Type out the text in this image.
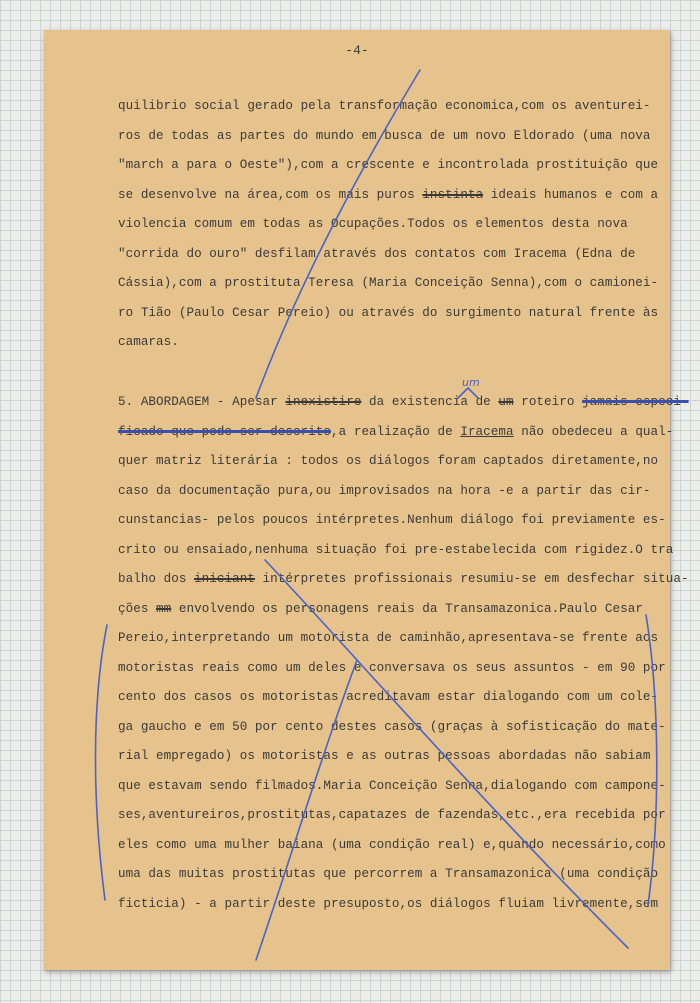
-4-
quilibrio social gerado pela transformação economica,com os aventurei-
ros de todas as partes do mundo em busca de um novo Eldorado (uma nova
"march a para o Oeste"),com a crescente e incontrolada prostituição que
se desenvolve na área,com os mais puros instinta ideais humanos e com a
violencia comum em todas as Ocupações.Todos os elementos desta nova
"corrida do ouro" desfilam através dos contatos com Iracema (Edna de
Cássia),com a prostituta Teresa (Maria Conceição Senna),com o camionei-
ro Tião (Paulo Cesar Pereio) ou através do surgimento natural frente às
camaras.
5. ABORDAGEM - Apesar inexistire da existencia de um roteiro jamais especi-
ficado que pode ser descrito,a realização de Iracema não obedeceu a qual-
quer matriz literária : todos os diálogos foram captados diretamente,no
caso da documentação pura,ou improvisados na hora -e a partir das cir-
cunstancias- pelos poucos intérpretes.Nenhum diálogo foi previamente es-
crito ou ensaiado,nenhuma situação foi pre-estabelecida com rigidez.O tra
balho dos iniciant intérpretes profissionais resumiu-se em desfechar situa-
ções mm envolvendo os personagens reais da Transamazonica.Paulo Cesar
Pereio,interpretando um motorista de caminhão,apresentava-se frente aos
motoristas reais como um deles e conversava os seus assuntos - em 90 por
cento dos casos os motoristas acreditavam estar dialogando com um cole-
ga gaucho e em 50 por cento destes casos (graças à sofisticação do mate-
rial empregado) os motoristas e as outras pessoas abordadas não sabiam
que estavam sendo filmados.Maria Conceição Senna,dialogando com campone-
ses,aventureiros,prostitutas,capatazes de fazendas,etc.,era recebida por
eles como uma mulher baiana (uma condição real) e,quando necessário,como
uma das muitas prostitutas que percorrem a Transamazonica (uma condição
ficticia) - a partir deste presuposto,os diálogos fluiam livremente,sem
um
